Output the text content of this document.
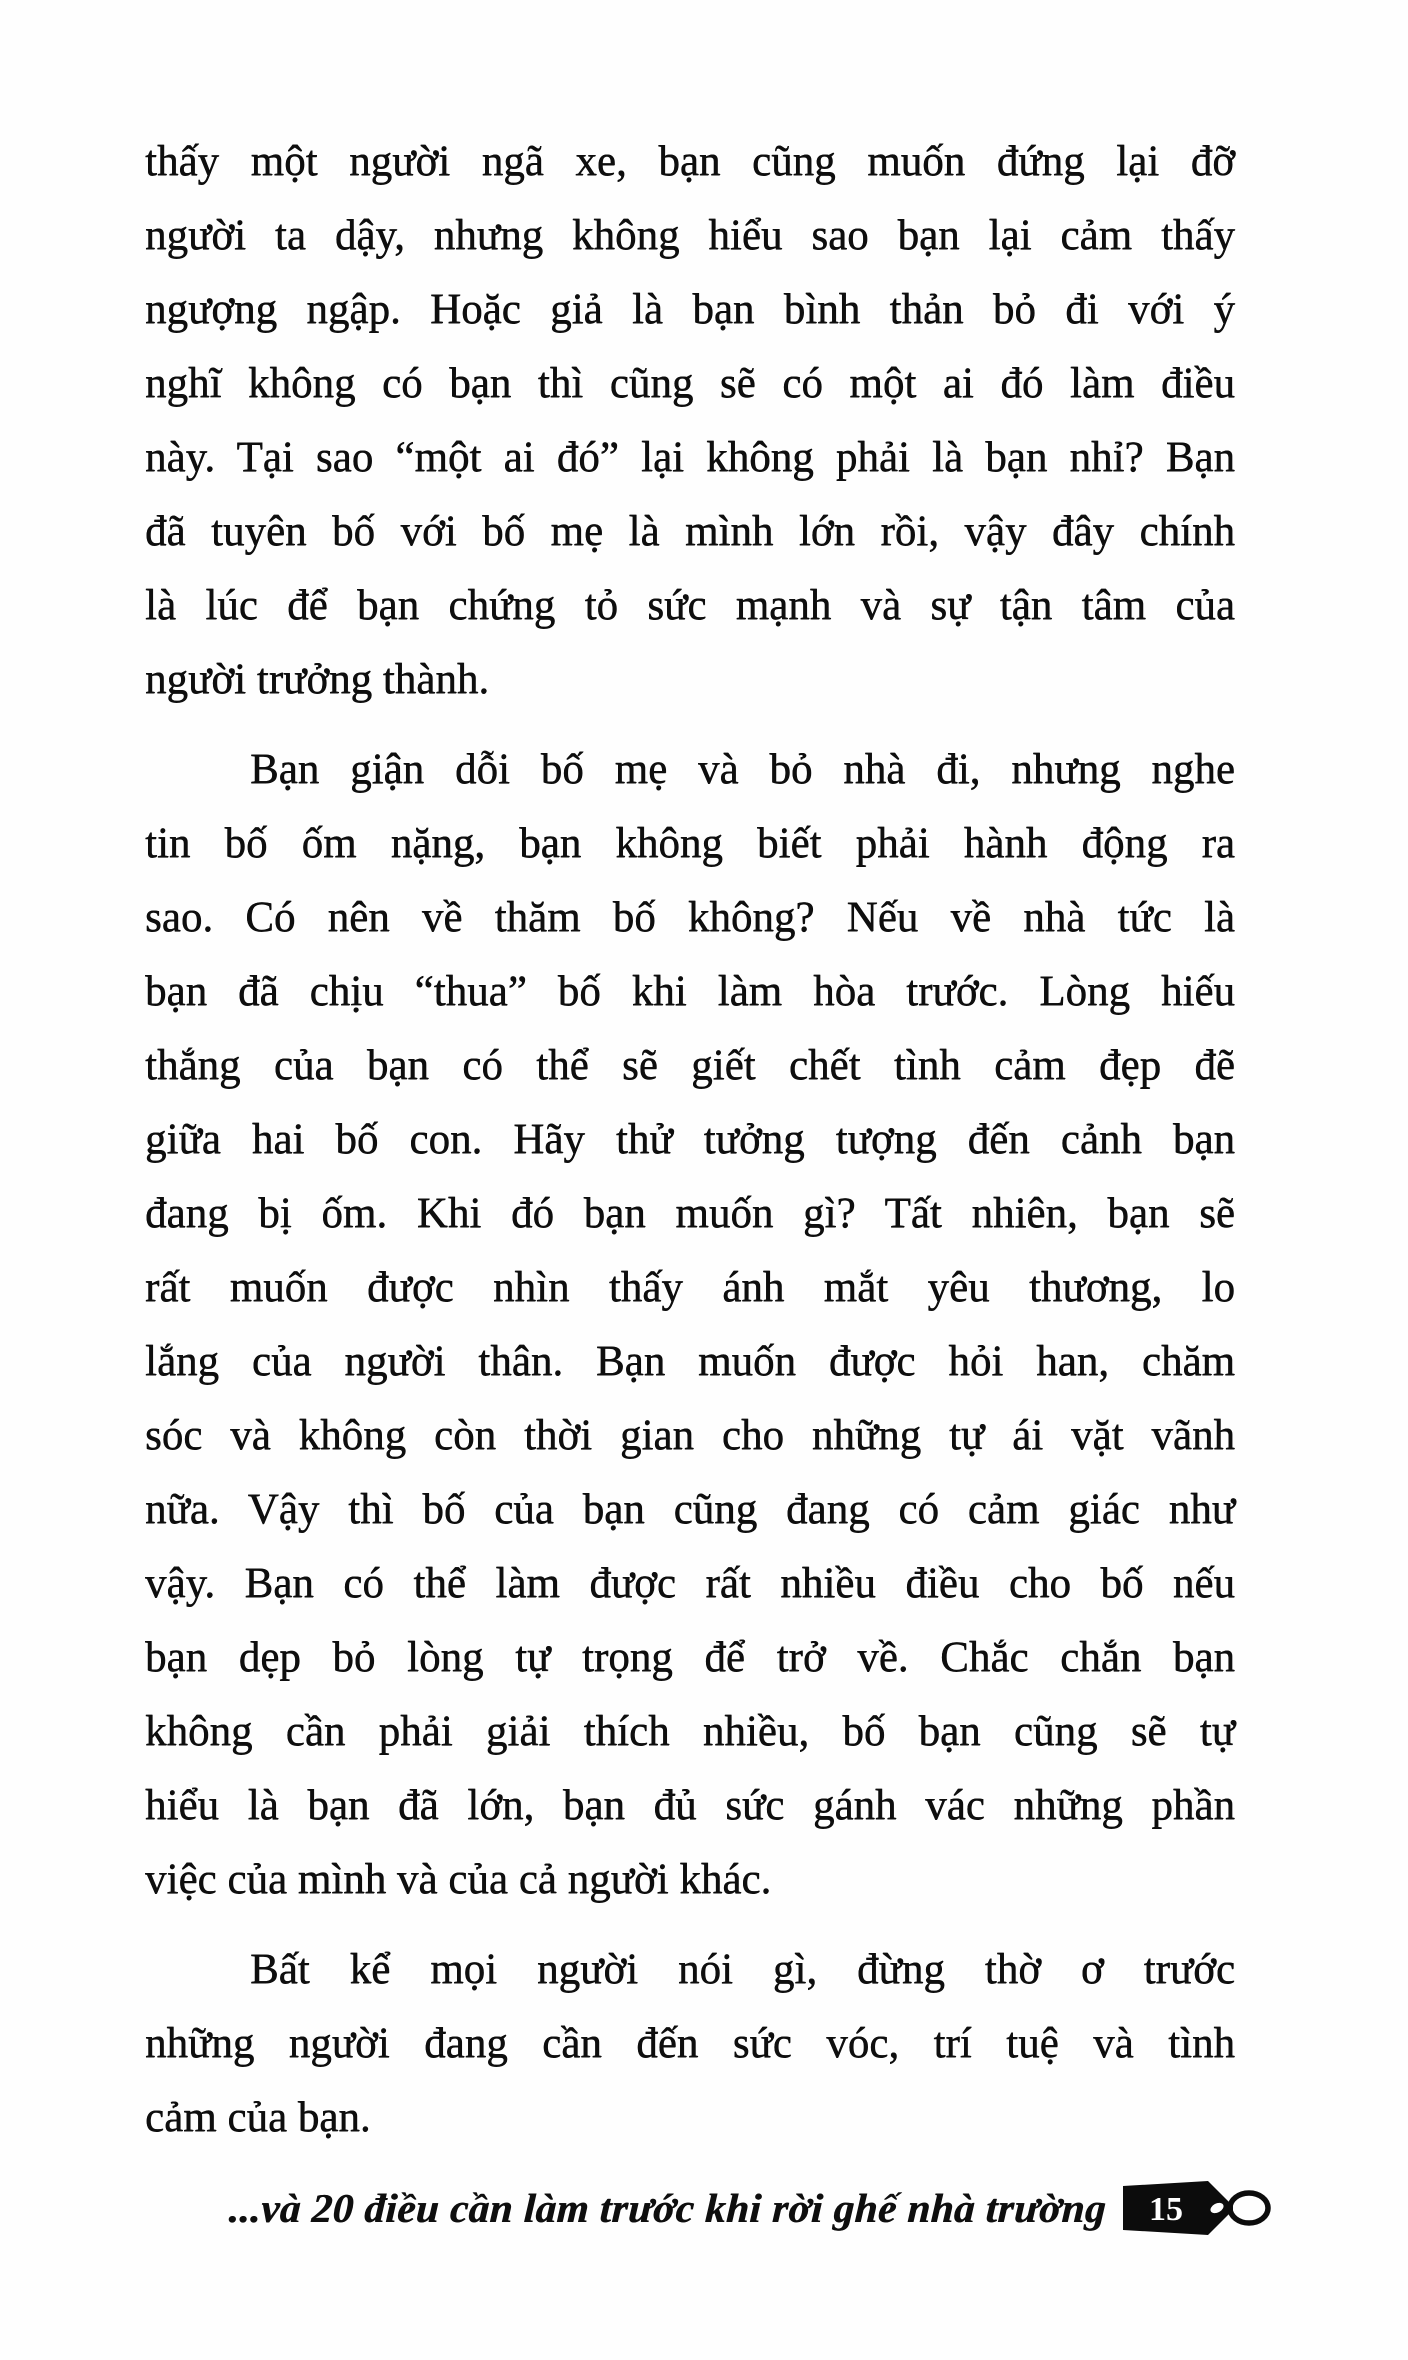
thấy một người ngã xe, bạn cũng muốn đứng lại đỡ
người ta dậy, nhưng không hiểu sao bạn lại cảm thấy
ngượng ngập. Hoặc giả là bạn bình thản bỏ đi với ý
nghĩ không có bạn thì cũng sẽ có một ai đó làm điều
này. Tại sao “một ai đó” lại không phải là bạn nhỉ? Bạn
đã tuyên bố với bố mẹ là mình lớn rồi, vậy đây chính
là lúc để bạn chứng tỏ sức mạnh và sự tận tâm của
người trưởng thành.
Bạn giận dỗi bố mẹ và bỏ nhà đi, nhưng nghe
tin bố ốm nặng, bạn không biết phải hành động ra
sao. Có nên về thăm bố không? Nếu về nhà tức là
bạn đã chịu “thua” bố khi làm hòa trước. Lòng hiếu
thắng của bạn có thể sẽ giết chết tình cảm đẹp đẽ
giữa hai bố con. Hãy thử tưởng tượng đến cảnh bạn
đang bị ốm. Khi đó bạn muốn gì? Tất nhiên, bạn sẽ
rất muốn được nhìn thấy ánh mắt yêu thương, lo
lắng của người thân. Bạn muốn được hỏi han, chăm
sóc và không còn thời gian cho những tự ái vặt vãnh
nữa. Vậy thì bố của bạn cũng đang có cảm giác như
vậy. Bạn có thể làm được rất nhiều điều cho bố nếu
bạn dẹp bỏ lòng tự trọng để trở về. Chắc chắn bạn
không cần phải giải thích nhiều, bố bạn cũng sẽ tự
hiểu là bạn đã lớn, bạn đủ sức gánh vác những phần
việc của mình và của cả người khác.
Bất kể mọi người nói gì, đừng thờ ơ trước
những người đang cần đến sức vóc, trí tuệ và tình
cảm của bạn.
...và 20 điều cần làm trước khi rời ghế nhà trường 15
